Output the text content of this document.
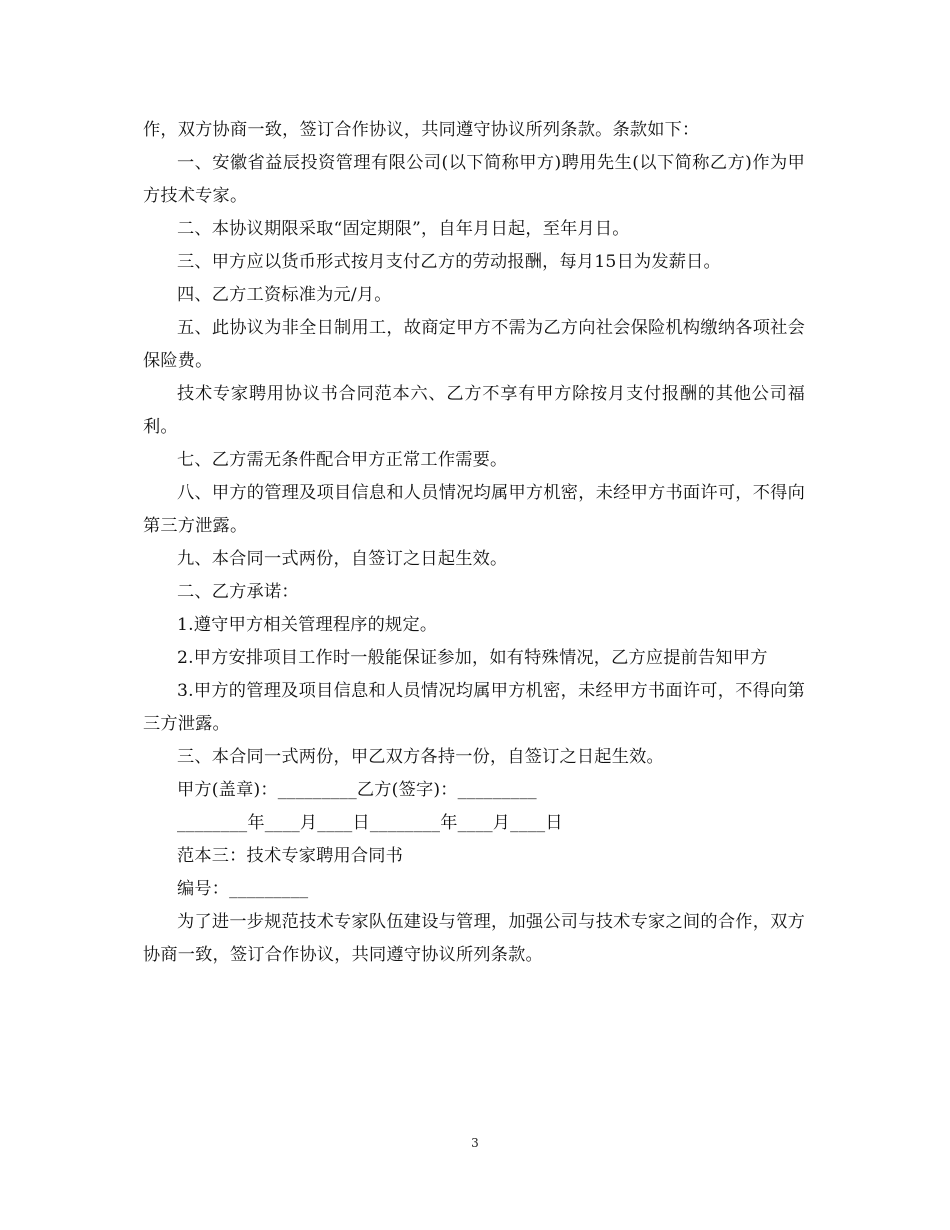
作，双方协商一致，签订合作协议，共同遵守协议所列条款。条款如下：

一、安徽省益辰投资管理有限公司(以下简称甲方)聘用先生(以下简称乙方)作为甲方技术专家。

二、本协议期限采取“固定期限”，自年月日起，至年月日。

三、甲方应以货币形式按月支付乙方的劳动报酬，每月15日为发薪日。

四、乙方工资标准为元/月。

五、此协议为非全日制用工，故商定甲方不需为乙方向社会保险机构缴纳各项社会保险费。

技术专家聘用协议书合同范本六、乙方不享有甲方除按月支付报酬的其他公司福利。

七、乙方需无条件配合甲方正常工作需要。

八、甲方的管理及项目信息和人员情况均属甲方机密，未经甲方书面许可，不得向第三方泄露。

九、本合同一式两份，自签订之日起生效。

二、乙方承诺：

1.遵守甲方相关管理程序的规定。

2.甲方安排项目工作时一般能保证参加，如有特殊情况，乙方应提前告知甲方

3.甲方的管理及项目信息和人员情况均属甲方机密，未经甲方书面许可，不得向第三方泄露。

三、本合同一式两份，甲乙双方各持一份，自签订之日起生效。

甲方(盖章)：_________乙方(签字)：_________

________年____月____日________年____月____日

范本三：技术专家聘用合同书

编号：_________

为了进一步规范技术专家队伍建设与管理，加强公司与技术专家之间的合作，双方协商一致，签订合作协议，共同遵守协议所列条款。

3
